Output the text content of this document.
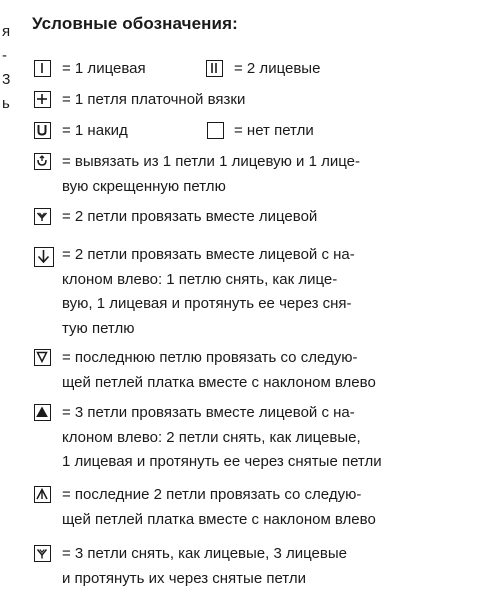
я
-
3
ь
Условные обозначения:
= 1 лицевая	= 2 лицевые
= 1 петля платочной вязки
= 1 накид	= нет петли
= вывязать из 1 петли 1 лицевую и 1 лице-
вую скрещенную петлю
= 2 петли провязать вместе лицевой
= 2 петли провязать вместе лицевой с на-
клоном влево: 1 петлю снять, как лице-
вую, 1 лицевая и протянуть ее через сня-
тую петлю
= последнюю петлю провязать со следую-
щей петлей платка вместе с наклоном влево
= 3 петли провязать вместе лицевой с на-
клоном влево: 2 петли снять, как лицевые,
1 лицевая и протянуть ее через снятые петли
= последние 2 петли провязать со следую-
щей петлей платка вместе с наклоном влево
= 3 петли снять, как лицевые, 3 лицевые
и протянуть их через снятые петли
